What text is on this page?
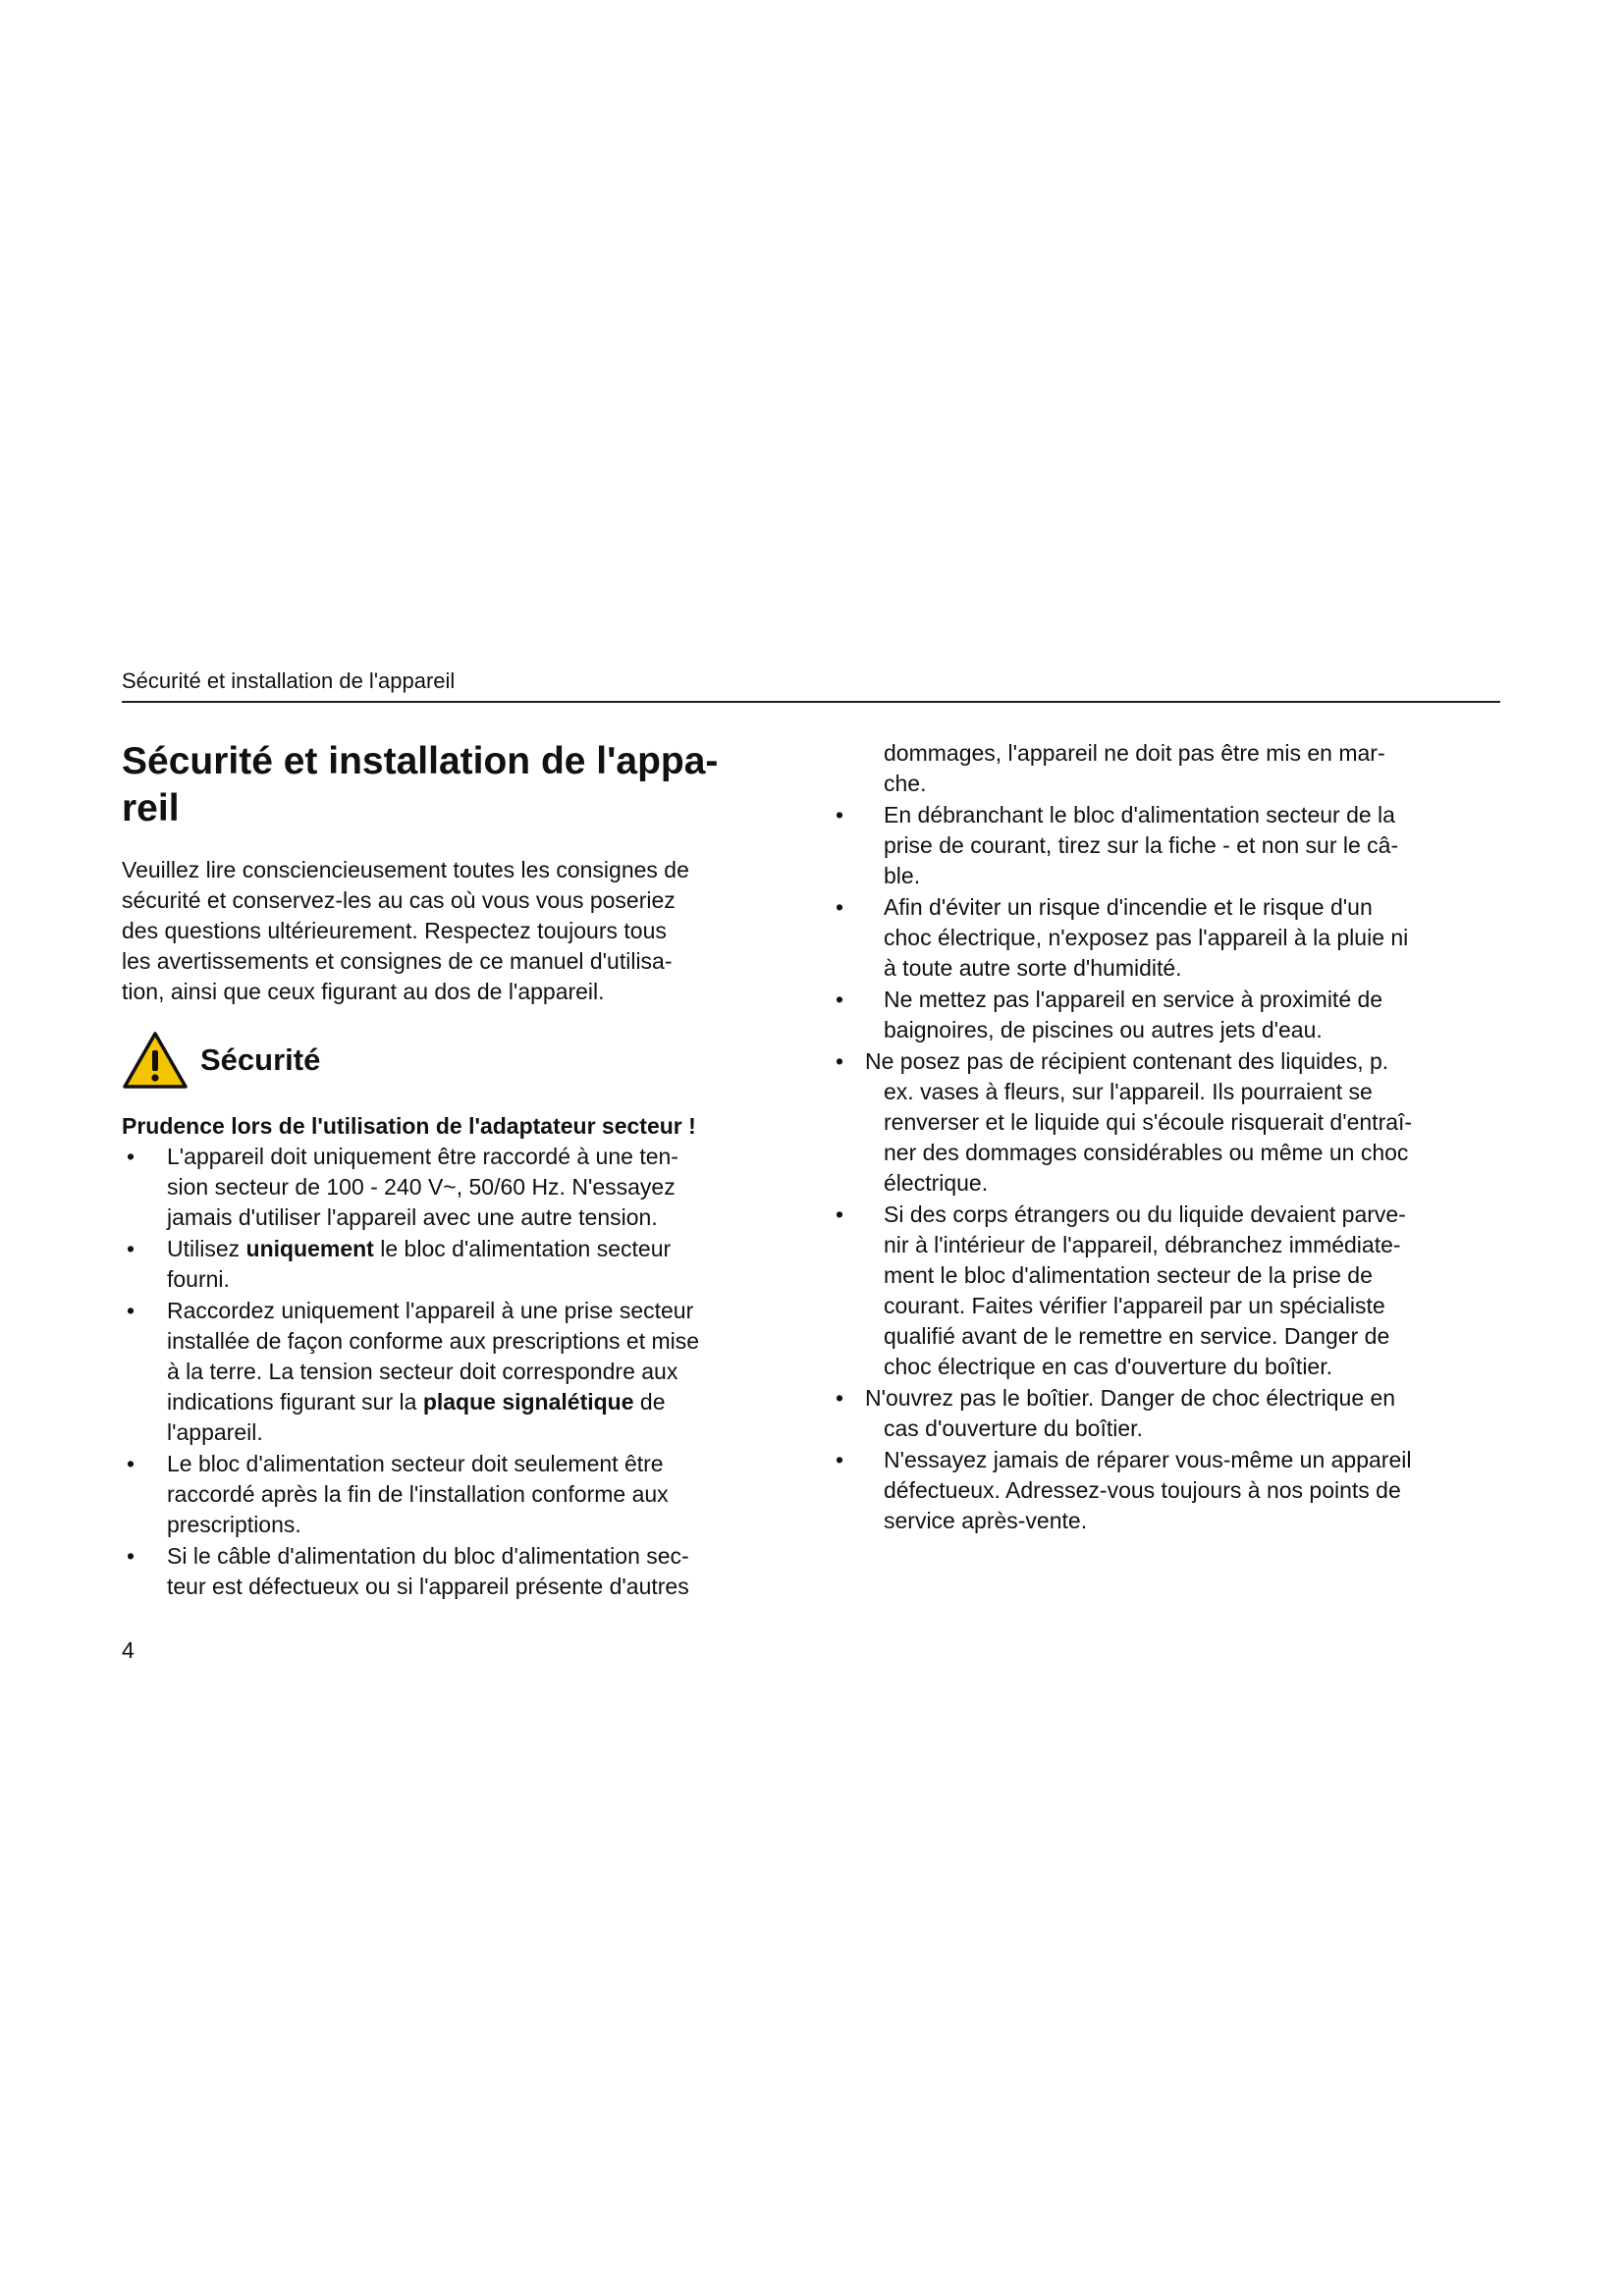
Sécurité et installation de l'appareil
Sécurité et installation de l'appa-
reil

Veuillez lire consciencieusement toutes les consignes de
sécurité et conservez-les au cas où vous vous poseriez
des questions ultérieurement. Respectez toujours tous
les avertissements et consignes de ce manuel d'utilisa-
tion, ainsi que ceux figurant au dos de l'appareil.

Sécurité
Prudence lors de l'utilisation de l'adaptateur secteur !
• L'appareil doit uniquement être raccordé à une ten-
sion secteur de 100 - 240 V~, 50/60 Hz. N'essayez
jamais d'utiliser l'appareil avec une autre tension.
• Utilisez uniquement le bloc d'alimentation secteur
fourni.
• Raccordez uniquement l'appareil à une prise secteur
installée de façon conforme aux prescriptions et mise
à la terre. La tension secteur doit correspondre aux
indications figurant sur la plaque signalétique de
l'appareil.
• Le bloc d'alimentation secteur doit seulement être
raccordé après la fin de l'installation conforme aux
prescriptions.
• Si le câble d'alimentation du bloc d'alimentation sec-
teur est défectueux ou si l'appareil présente d'autres
dommages, l'appareil ne doit pas être mis en mar-
che.
• En débranchant le bloc d'alimentation secteur de la
prise de courant, tirez sur la fiche - et non sur le câ-
ble.
• Afin d'éviter un risque d'incendie et le risque d'un
choc électrique, n'exposez pas l'appareil à la pluie ni
à toute autre sorte d'humidité.
• Ne mettez pas l'appareil en service à proximité de
baignoires, de piscines ou autres jets d'eau.
• Ne posez pas de récipient contenant des liquides, p.
ex. vases à fleurs, sur l'appareil. Ils pourraient se
renverser et le liquide qui s'écoule risquerait d'entraî-
ner des dommages considérables ou même un choc
électrique.
• Si des corps étrangers ou du liquide devaient parve-
nir à l'intérieur de l'appareil, débranchez immédiate-
ment le bloc d'alimentation secteur de la prise de
courant. Faites vérifier l'appareil par un spécialiste
qualifié avant de le remettre en service. Danger de
choc électrique en cas d'ouverture du boîtier.
• N'ouvrez pas le boîtier. Danger de choc électrique en
cas d'ouverture du boîtier.
• N'essayez jamais de réparer vous-même un appareil
défectueux. Adressez-vous toujours à nos points de
service après-vente.
4
